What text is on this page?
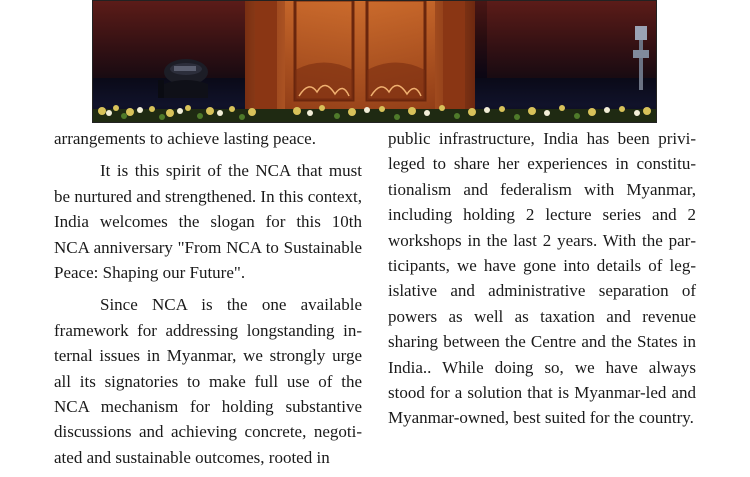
arrangements to achieve lasting peace.

It is this spirit of the NCA that must be nurtured and strengthened. In this context, India welcomes the slogan for this 10th NCA anniversary "From NCA to Sustainable Peace: Shaping our Future".

Since NCA is the one available framework for addressing longstanding internal issues in Myanmar, we strongly urge all its signatories to make full use of the NCA mechanism for holding substantive discussions and achieving concrete, negotiated and sustainable outcomes, rooted in

public infrastructure, India has been privileged to share her experiences in constitutionalism and federalism with Myanmar, including holding 2 lecture series and 2 workshops in the last 2 years. With the participants, we have gone into details of legislative and administrative separation of powers as well as taxation and revenue sharing between the Centre and the States in India.. While doing so, we have always stood for a solution that is Myanmar-led and Myanmar-owned, best suited for the country.
